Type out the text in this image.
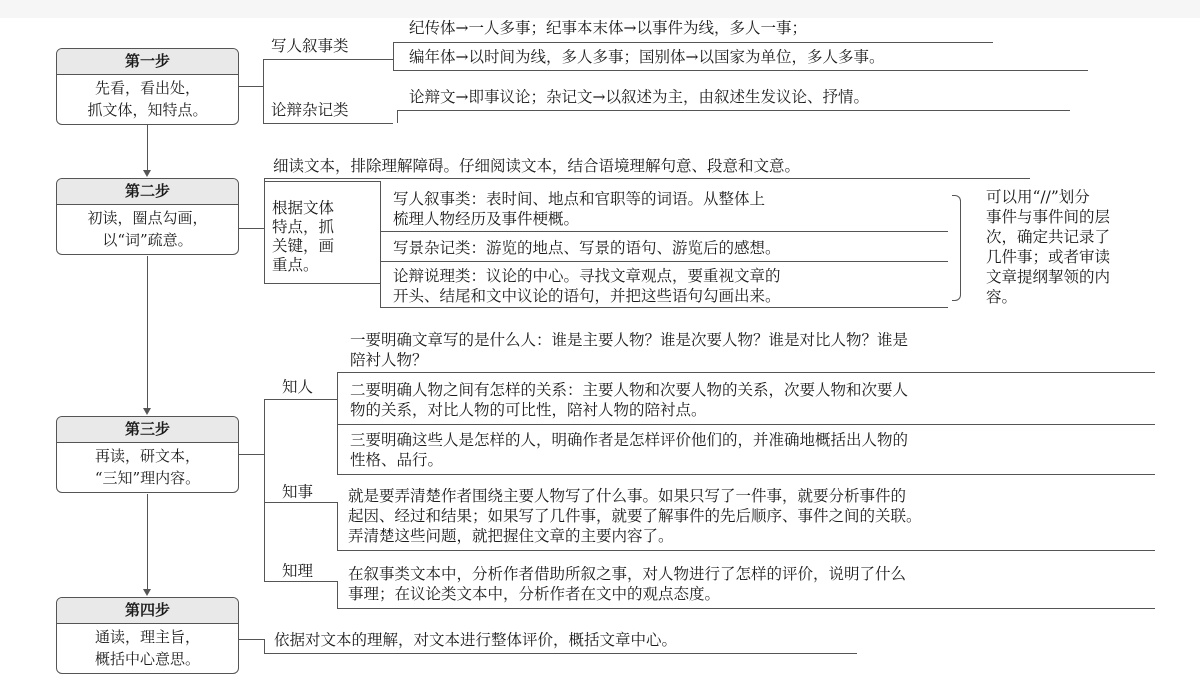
第一步
先看，看出处，
抓文体，知特点。
第二步
初读，圈点勾画，
以“词”疏意。
第三步
再读，研文本，
“三知”理内容。
第四步
通读，理主旨，
概括中心意思。
写人叙事类
论辩杂记类
纪传体→一人多事；纪事本末体→以事件为线，多人一事；
编年体→以时间为线，多人多事；国别体→以国家为单位，多人多事。
论辩文→即事议论；杂记文→以叙述为主，由叙述生发议论、抒情。
细读文本，排除理解障碍。仔细阅读文本，结合语境理解句意、段意和文意。
根据文体
特点，抓
关键，画
重点。
写人叙事类：表时间、地点和官职等的词语。从整体上
梳理人物经历及事件梗概。
写景杂记类：游览的地点、写景的语句、游览后的感想。
论辩说理类：议论的中心。寻找文章观点，要重视文章的
开头、结尾和文中议论的语句，并把这些语句勾画出来。
可以用“//”划分
事件与事件间的层
次，确定共记录了
几件事；或者审读
文章提纲挈领的内
容。
知人
知事
知理
一要明确文章写的是什么人：谁是主要人物？谁是次要人物？谁是对比人物？谁是
陪衬人物？
二要明确人物之间有怎样的关系：主要人物和次要人物的关系，次要人物和次要人
物的关系，对比人物的可比性，陪衬人物的陪衬点。
三要明确这些人是怎样的人，明确作者是怎样评价他们的，并准确地概括出人物的
性格、品行。
就是要弄清楚作者围绕主要人物写了什么事。如果只写了一件事，就要分析事件的
起因、经过和结果；如果写了几件事，就要了解事件的先后顺序、事件之间的关联。
弄清楚这些问题，就把握住文章的主要内容了。
在叙事类文本中，分析作者借助所叙之事，对人物进行了怎样的评价，说明了什么
事理；在议论类文本中，分析作者在文中的观点态度。
依据对文本的理解，对文本进行整体评价，概括文章中心。
